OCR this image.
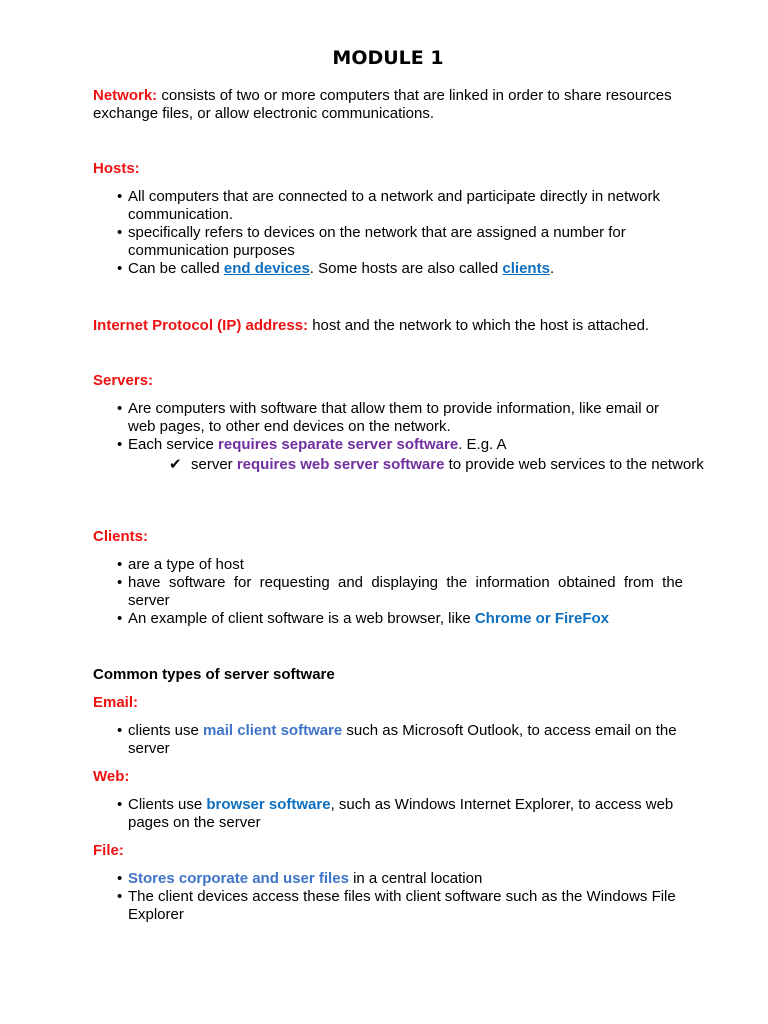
MODULE 1
Network: consists of two or more computers that are linked in order to share resources exchange files, or allow electronic communications.
Hosts:
• All computers that are connected to a network and participate directly in network communication.
• specifically refers to devices on the network that are assigned a number for communication purposes
• Can be called end devices. Some hosts are also called clients.
Internet Protocol (IP) address: host and the network to which the host is attached.
Servers:
• Are computers with software that allow them to provide information, like email or web pages, to other end devices on the network.
• Each service requires separate server software. E.g. A
✔ server requires web server software to provide web services to the network
Clients:
• are a type of host
• have software for requesting and displaying the information obtained from the server
• An example of client software is a web browser, like Chrome or FireFox
Common types of server software
Email:
• clients use mail client software such as Microsoft Outlook, to access email on the server
Web:
• Clients use browser software, such as Windows Internet Explorer, to access web pages on the server
File:
• Stores corporate and user files in a central location
• The client devices access these files with client software such as the Windows File Explorer
